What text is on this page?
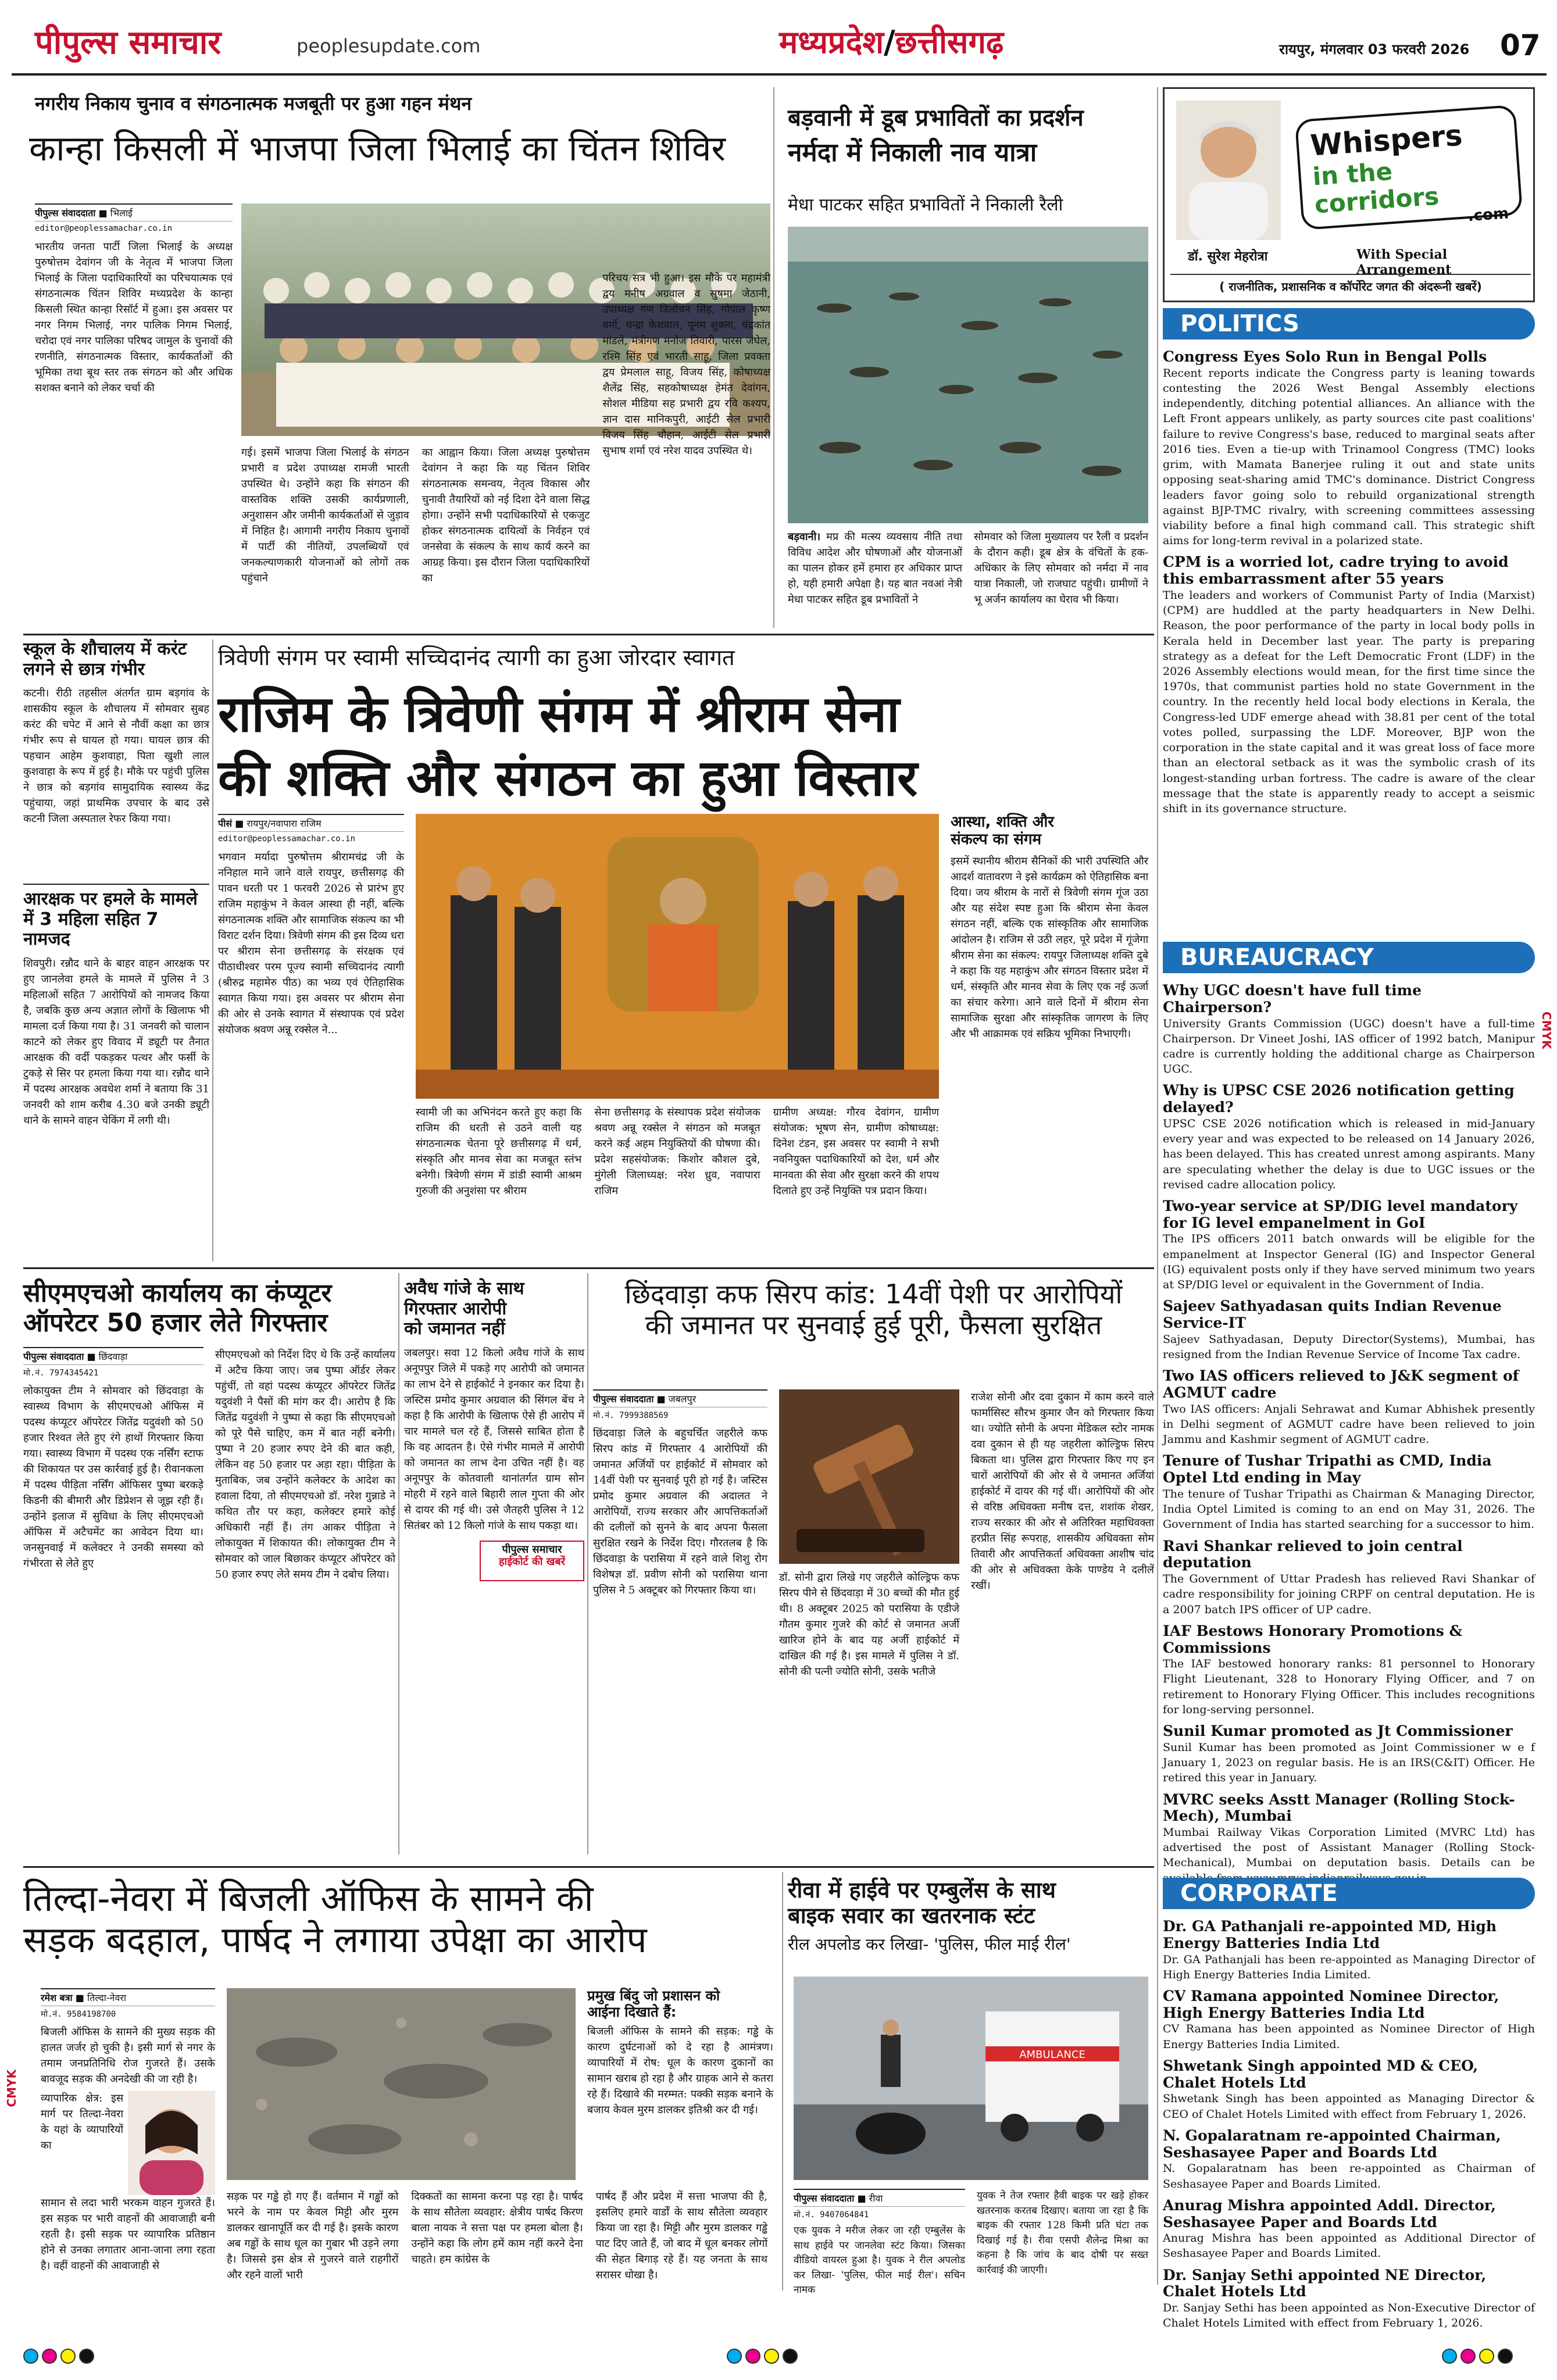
पीपुल्स समाचार	peoplesupdate.com	मध्यप्रदेश/छत्तीसगढ़	रायपुर, मंगलवार 03 फरवरी 2026 07
नगरीय निकाय चुनाव व संगठनात्मक मजबूती पर हुआ गहन मंथन
कान्हा किसली में भाजपा जिला भिलाई का चिंतन शिविर
पीपुल्स संवाददाता ■ भिलाई
editor@peoplessamachar.co.in
भारतीय जनता पार्टी जिला भिलाई के अध्यक्ष पुरुषोत्तम देवांगन जी के नेतृत्व में भाजपा जिला भिलाई के जिला पदाधिकारियों का परिचयात्मक एवं संगठनात्मक चिंतन शिविर मध्यप्रदेश के कान्हा किसली स्थित कान्हा रिसॉर्ट में हुआ। इस अवसर पर नगर निगम भिलाई, नगर पालिक निगम भिलाई, चरोदा एवं नगर पालिका परिषद जामुल के चुनावों की रणनीति, संगठनात्मक विस्तार, कार्यकर्ताओं की भूमिका तथा बूथ स्तर तक संगठन को और अधिक सशक्त बनाने को लेकर चर्चा की
गई। इसमें भाजपा जिला भिलाई के संगठन प्रभारी व प्रदेश उपाध्यक्ष रामजी भारती उपस्थित थे। उन्होंने कहा कि संगठन की वास्तविक शक्ति उसकी कार्यप्रणाली, अनुशासन और जमीनी कार्यकर्ताओं से जुड़ाव में निहित है। आगामी नगरीय निकाय चुनावों में पार्टी की नीतियों, उपलब्धियों एवं जनकल्याणकारी योजनाओं को लोगों तक पहुंचाने
का आह्वान किया। जिला अध्यक्ष पुरुषोत्तम देवांगन ने कहा कि यह चिंतन शिविर संगठनात्मक समन्वय, नेतृत्व विकास और चुनावी तैयारियों को नई दिशा देने वाला सिद्ध होगा। उन्होंने सभी पदाधिकारियों से एकजुट होकर संगठनात्मक दायित्वों के निर्वहन एवं जनसेवा के संकल्प के साथ कार्य करने का आग्रह किया। इस दौरान जिला पदाधिकारियों का
परिचय सत्र भी हुआ। इस मौके पर महामंत्री द्वय मनीष अग्रवाल व सुषमा जेठानी, उपाध्यक्ष गण त्रिलोचन सिंह, गोपाल कृष्ण वर्मा, चन्द्रा केशवाल, पूनम शुक्ला, चंद्रकांत मांडले, मंत्रीगण मनोज तिवारी, पारस जंघेल, रश्मि सिंह एवं भारती साहू, जिला प्रवक्ता द्वय प्रेमलाल साहू, विजय सिंह, कोषाध्यक्ष शैलेंद्र सिंह, सहकोषाध्यक्ष हेमंत देवांगन, सोशल मीडिया सह प्रभारी द्वय रवि कश्यप, ज्ञान दास मानिकपुरी, आईटी सेल प्रभारी विजय सिंह चौहान, आईटी सेल प्रभारी सुभाष शर्मा एवं नरेश यादव उपस्थित थे।
बड़वानी में डूब प्रभावितों का प्रदर्शन
नर्मदा में निकाली नाव यात्रा
मेधा पाटकर सहित प्रभावितों ने निकाली रैली
बड़वानी। मप्र की मत्स्य व्यवसाय नीति तथा विविध आदेश और घोषणाओं और योजनाओं का पालन होकर हमें हमारा हर अधिकार प्राप्त हो, यही हमारी अपेक्षा है। यह बात नवआं नेत्री मेधा पाटकर सहित डूब प्रभावितों ने
सोमवार को जिला मुख्यालय पर रैली व प्रदर्शन के दौरान कही। डूब क्षेत्र के वंचितों के हक-अधिकार के लिए सोमवार को नर्मदा में नाव यात्रा निकाली, जो राजघाट पहुंची। ग्रामीणों ने भू अर्जन कार्यालय का घेराव भी किया।
Whispers
in the corridors	.com
डॉ. सुरेश मेहरोत्रा	With Special Arrangement
( राजनीतिक, प्रशासनिक व कॉर्पोरेट जगत की अंदरूनी खबरें)
POLITICS
Congress Eyes Solo Run in Bengal Polls
Recent reports indicate the Congress party is leaning towards contesting the 2026 West Bengal Assembly elections independently, ditching potential alliances. An alliance with the Left Front appears unlikely, as party sources cite past coalitions' failure to revive Congress's base, reduced to marginal seats after 2016 ties. Even a tie-up with Trinamool Congress (TMC) looks grim, with Mamata Banerjee ruling it out and state units opposing seat-sharing amid TMC's dominance. District Congress leaders favor going solo to rebuild organizational strength against BJP-TMC rivalry, with screening committees assessing viability before a final high command call. This strategic shift aims for long-term revival in a polarized state.
CPM is a worried lot, cadre trying to avoid this embarrassment after 55 years
The leaders and workers of Communist Party of India (Marxist) (CPM) are huddled at the party headquarters in New Delhi. Reason, the poor performance of the party in local body polls in Kerala held in December last year. The party is preparing strategy as a defeat for the Left Democratic Front (LDF) in the 2026 Assembly elections would mean, for the first time since the 1970s, that communist parties hold no state Government in the country. In the recently held local body elections in Kerala, the Congress-led UDF emerge ahead with 38.81 per cent of the total votes polled, surpassing the LDF. Moreover, BJP won the corporation in the state capital and it was great loss of face more than an electoral setback as it was the symbolic crash of its longest-standing urban fortress. The cadre is aware of the clear message that the state is apparently ready to accept a seismic shift in its governance structure.
BUREAUCRACY
Why UGC doesn't have full time Chairperson?
University Grants Commission (UGC) doesn't have a full-time Chairperson. Dr Vineet Joshi, IAS officer of 1992 batch, Manipur cadre is currently holding the additional charge as Chairperson UGC.
Why is UPSC CSE 2026 notification getting delayed?
UPSC CSE 2026 notification which is released in mid-January every year and was expected to be released on 14 January 2026, has been delayed. This has created unrest among aspirants. Many are speculating whether the delay is due to UGC issues or the revised cadre allocation policy.
Two-year service at SP/DIG level mandatory for IG level empanelment in GoI
The IPS officers 2011 batch onwards will be eligible for the empanelment at Inspector General (IG) and Inspector General (IG) equivalent posts only if they have served minimum two years at SP/DIG level or equivalent in the Government of India.
Sajeev Sathyadasan quits Indian Revenue Service-IT
Sajeev Sathyadasan, Deputy Director(Systems), Mumbai, has resigned from the Indian Revenue Service of Income Tax cadre.
Two IAS officers relieved to J&K segment of AGMUT cadre
Two IAS officers: Anjali Sehrawat and Kumar Abhishek presently in Delhi segment of AGMUT cadre have been relieved to join Jammu and Kashmir segment of AGMUT cadre.
Tenure of Tushar Tripathi as CMD, India Optel Ltd ending in May
The tenure of Tushar Tripathi as Chairman & Managing Director, India Optel Limited is coming to an end on May 31, 2026. The Government of India has started searching for a successor to him.
Ravi Shankar relieved to join central deputation
The Government of Uttar Pradesh has relieved Ravi Shankar of cadre responsibility for joining CRPF on central deputation. He is a 2007 batch IPS officer of UP cadre.
IAF Bestows Honorary Promotions & Commissions
The IAF bestowed honorary ranks: 81 personnel to Honorary Flight Lieutenant, 328 to Honorary Flying Officer, and 7 on retirement to Honorary Flying Officer. This includes recognitions for long-serving personnel.
Sunil Kumar promoted as Jt Commissioner
Sunil Kumar has been promoted as Joint Commissioner w e f January 1, 2023 on regular basis. He is an IRS(C&IT) Officer. He retired this year in January.
MVRC seeks Asstt Manager (Rolling Stock-Mech), Mumbai
Mumbai Railway Vikas Corporation Limited (MVRC Ltd) has advertised the post of Assistant Manager (Rolling Stock-Mechanical), Mumbai on deputation basis. Details can be
CORPORATE
Dr. GA Pathanjali re-appointed MD, High Energy Batteries India Ltd
Dr. GA Pathanjali has been re-appointed as Managing Director of High Energy Batteries India Limited.
CV Ramana appointed Nominee Director, High Energy Batteries India Ltd
CV Ramana has been appointed as Nominee Director of High Energy Batteries India Limited.
Shwetank Singh appointed MD & CEO, Chalet Hotels Ltd
Shwetank Singh has been appointed as Managing Director & CEO of Chalet Hotels Limited with effect from February 1, 2026.
N. Gopalaratnam re-appointed Chairman, Seshasayee Paper and Boards Ltd
N. Gopalaratnam has been re-appointed as Chairman of Seshasayee Paper and Boards Limited.
Anurag Mishra appointed Addl. Director, Seshasayee Paper and Boards Ltd
Anurag Mishra has been appointed as Additional Director of Seshasayee Paper and Boards Limited.
Dr. Sanjay Sethi appointed NE Director, Chalet Hotels Ltd
Dr. Sanjay Sethi has been appointed as Non-Executive Director of Chalet Hotels Limited with effect from February 1, 2026.
स्कूल के शौचालय में करंट
लगने से छात्र गंभीर
कटनी। रीठी तहसील अंतर्गत ग्राम बड़गांव के शासकीय स्कूल के शौचालय में सोमवार सुबह करंट की चपेट में आने से नौवीं कक्षा का छात्र गंभीर रूप से घायल हो गया। घायल छात्र की पहचान आहेम कुशवाहा, पिता खुशी लाल कुशवाहा के रूप में हुई है। मौके पर पहुंची पुलिस ने छात्र को बड़गांव सामुदायिक स्वास्थ्य केंद्र पहुंचाया, जहां प्राथमिक उपचार के बाद उसे कटनी जिला अस्पताल रेफर किया गया।
आरक्षक पर हमले के मामले
में 3 महिला सहित 7 नामजद
शिवपुरी। रन्नौद थाने के बाहर वाहन आरक्षक पर हुए जानलेवा हमले के मामले में पुलिस ने 3 महिलाओं सहित 7 आरोपियों को नामजद किया है, जबकि कुछ अन्य अज्ञात लोगों के खिलाफ भी मामला दर्ज किया गया है। 31 जनवरी को चालान काटने को लेकर हुए विवाद में ड्यूटी पर तैनात आरक्षक की वर्दी पकड़कर पत्थर और फर्सी के टुकड़े से सिर पर हमला किया गया था। रन्नौद थाने में पदस्थ आरक्षक अवधेश शर्मा ने बताया कि 31 जनवरी को शाम करीब 4.30 बजे उनकी ड्यूटी थाने के सामने वाहन चेकिंग में लगी थी।
त्रिवेणी संगम पर स्वामी सच्चिदानंद त्यागी का हुआ जोरदार स्वागत
राजिम के त्रिवेणी संगम में श्रीराम सेना
की शक्ति और संगठन का हुआ विस्तार
पीसं ■ रायपुर/नवापारा राजिम
editor@peoplessamachar.co.in
भगवान मर्यादा पुरुषोत्तम श्रीरामचंद्र जी के ननिहाल माने जाने वाले रायपुर, छत्तीसगढ़ की पावन धरती पर 1 फरवरी 2026 से प्रारंभ हुए राजिम महाकुंभ ने केवल आस्था ही नहीं, बल्कि संगठनात्मक शक्ति और सामाजिक संकल्प का भी विराट दर्शन दिया। त्रिवेणी संगम की इस दिव्य धरा पर श्रीराम सेना छत्तीसगढ़ के संरक्षक एवं पीठाधीश्वर परम पूज्य स्वामी सच्चिदानंद त्यागी (श्रीरुद्र महामेरु पीठ) का भव्य एवं ऐतिहासिक स्वागत किया गया। इस अवसर पर श्रीराम सेना की ओर से उनके स्वागत में संस्थापक एवं प्रदेश संयोजक श्रवण अन्नू रक्सेल ने...
स्वामी जी का अभिनंदन करते हुए कहा कि राजिम की धरती से उठने वाली यह संगठनात्मक चेतना पूरे छत्तीसगढ़ में धर्म, संस्कृति और मानव सेवा का मजबूत स्तंभ बनेगी। त्रिवेणी संगम में डांडी स्वामी आश्रम गुरुजी की अनुशंसा पर श्रीराम
सेना छत्तीसगढ़ के संस्थापक प्रदेश संयोजक श्रवण अन्नू रक्सेल ने संगठन को मजबूत करने कई अहम नियुक्तियों की घोषणा की। प्रदेश सहसंयोजक: किशोर कौशल दुबे, मुंगेली जिलाध्यक्ष: नरेश ध्रुव, नवापारा राजिम
ग्रामीण अध्यक्ष: गौरव देवांगन, ग्रामीण संयोजक: भूषण सेन, ग्रामीण कोषाध्यक्ष: दिनेश टंडन, इस अवसर पर स्वामी ने सभी नवनियुक्त पदाधिकारियों को देश, धर्म और मानवता की सेवा और सुरक्षा करने की शपथ दिलाते हुए उन्हें नियुक्ति पत्र प्रदान किया।
आस्था, शक्ति और
संकल्प का संगम
इसमें स्थानीय श्रीराम सैनिकों की भारी उपस्थिति और आदर्श वातावरण ने इसे कार्यक्रम को ऐतिहासिक बना दिया। जय श्रीराम के नारों से त्रिवेणी संगम गूंज उठा और यह संदेश स्पष्ट हुआ कि श्रीराम सेना केवल संगठन नहीं, बल्कि एक सांस्कृतिक और सामाजिक आंदोलन है। राजिम से उठी लहर, पूरे प्रदेश में गूंजेगा श्रीराम सेना का संकल्प: रायपुर जिलाध्यक्ष शक्ति दुबे ने कहा कि यह महाकुंभ और संगठन विस्तार प्रदेश में धर्म, संस्कृति और मानव सेवा के लिए एक नई ऊर्जा का संचार करेगा। आने वाले दिनों में श्रीराम सेना सामाजिक सुरक्षा और सांस्कृतिक जागरण के लिए और भी आक्रामक एवं सक्रिय भूमिका निभाएगी।
सीएमएचओ कार्यालय का कंप्यूटर
ऑपरेटर 50 हजार लेते गिरफ्तार
पीपुल्स संवाददाता ■ छिंदवाड़ा
मो.नं. 7974345421
लोकायुक्त टीम ने सोमवार को छिंदवाड़ा के स्वास्थ्य विभाग के सीएमएचओ ऑफिस में पदस्थ कंप्यूटर ऑपरेटर जितेंद्र यदुवंशी को 50 हजार रिश्वत लेते हुए रंगे हाथों गिरफ्तार किया गया। स्वास्थ्य विभाग में पदस्थ एक नर्सिंग स्टाफ की शिकायत पर उस कार्रवाई हुई है। रीवानकला में पदस्थ पीड़िता नर्सिंग ऑफिसर पुष्पा बरकड़े किडनी की बीमारी और डिप्रेशन से जूझ रही हैं। उन्होंने इलाज में सुविधा के लिए सीएमएचओ ऑफिस में अटैचमेंट का आवेदन दिया था। जनसुनवाई में कलेक्टर ने उनकी समस्या को गंभीरता से लेते हुए
सीएमएचओ को निर्देश दिए थे कि उन्हें कार्यालय में अटैच किया जाए। जब पुष्पा ऑर्डर लेकर पहुंचीं, तो वहां पदस्थ कंप्यूटर ऑपरेटर जितेंद्र यदुवंशी ने पैसों की मांग कर दी। आरोप है कि जितेंद्र यदुवंशी ने पुष्पा से कहा कि सीएमएचओ को पूरे पैसे चाहिए, कम में बात नहीं बनेगी। पुष्पा ने 20 हजार रुपए देने की बात कही, लेकिन वह 50 हजार पर अड़ा रहा। पीड़िता के मुताबिक, जब उन्होंने कलेक्टर के आदेश का हवाला दिया, तो सीएमएचओ डॉ. नरेश गुन्नाडे ने कथित तौर पर कहा, कलेक्टर हमारे कोई अधिकारी नहीं हैं। तंग आकर पीड़िता ने लोकायुक्त में शिकायत की। लोकायुक्त टीम ने सोमवार को जाल बिछाकर कंप्यूटर ऑपरेटर को 50 हजार रुपए लेते समय टीम ने दबोच लिया।
अवैध गांजे के साथ
गिरफ्तार आरोपी
को जमानत नहीं
जबलपुर। सवा 12 किलो अवैध गांजे के साथ अनूपपुर जिले में पकड़े गए आरोपी को जमानत का लाभ देने से हाईकोर्ट ने इनकार कर दिया है। जस्टिस प्रमोद कुमार अग्रवाल की सिंगल बेंच ने कहा है कि आरोपी के खिलाफ ऐसे ही आरोप में चार मामले चल रहे हैं, जिससे साबित होता है कि वह आदतन है। ऐसे गंभीर मामले में आरोपी को जमानत का लाभ देना उचित नहीं है। वह अनूपपुर के कोतवाली थानांतर्गत ग्राम सोन मोहरी में रहने वाले बिहारी लाल गुप्ता की ओर से दायर की गई थी। उसे जैतहरी पुलिस ने 12 सितंबर को 12 किलो गांजे के साथ पकड़ा था।
पीपुल्स समाचार
हाईकोर्ट की खबरें
छिंदवाड़ा कफ सिरप कांड: 14वीं पेशी पर आरोपियों
की जमानत पर सुनवाई हुई पूरी, फैसला सुरक्षित
पीपुल्स संवाददाता ■ जबलपुर
मो.नं. 7999388569
छिंदवाड़ा जिले के बहुचर्चित जहरीले कफ सिरप कांड में गिरफ्तार 4 आरोपियों की जमानत अर्जियों पर हाईकोर्ट में सोमवार को 14वीं पेशी पर सुनवाई पूरी हो गई है। जस्टिस प्रमोद कुमार अग्रवाल की अदालत ने आरोपियों, राज्य सरकार और आपत्तिकर्ताओं की दलीलों को सुनने के बाद अपना फैसला सुरक्षित रखने के निर्देश दिए। गौरतलब है कि छिंदवाड़ा के परासिया में रहने वाले शिशु रोग विशेषज्ञ डॉ. प्रवीण सोनी को परासिया थाना पुलिस ने 5 अक्टूबर को गिरफ्तार किया था।
डॉ. सोनी द्वारा लिखे गए जहरीले कोल्ड्रिफ कफ सिरप पीने से छिंदवाड़ा में 30 बच्चों की मौत हुई थी। 8 अक्टूबर 2025 को परासिया के एडीजे गौतम कुमार गुजरे की कोर्ट से जमानत अर्जी खारिज होने के बाद यह अर्जी हाईकोर्ट में दाखिल की गई है। इस मामले में पुलिस ने डॉ. सोनी की पत्नी ज्योति सोनी, उसके भतीजे
राजेश सोनी और दवा दुकान में काम करने वाले फार्मासिस्ट सौरभ कुमार जैन को गिरफ्तार किया था। ज्योति सोनी के अपना मेडिकल स्टोर नामक दवा दुकान से ही यह जहरीला कोल्ड्रिफ सिरप बिकता था। पुलिस द्वारा गिरफ्तार किए गए इन चारों आरोपियों की ओर से ये जमानत अर्जियां हाईकोर्ट में दायर की गई थीं। आरोपियों की ओर से वरिष्ठ अधिवक्ता मनीष दत्त, शशांक शेखर, राज्य सरकार की ओर से अतिरिक्त महाधिवक्ता हरप्रीत सिंह रूपराह, शासकीय अधिवक्ता सोम तिवारी और आपत्तिकर्ता अधिवक्ता आशीष चांद की ओर से अधिवक्ता केके पाण्डेय ने दलीलें रखीं।
तिल्दा-नेवरा में बिजली ऑफिस के सामने की
सड़क बदहाल, पार्षद ने लगाया उपेक्षा का आरोप
रमेश बत्रा ■ तिल्दा-नेवरा
मो.नं. 9584198700
बिजली ऑफिस के सामने की मुख्य सड़क की हालत जर्जर हो चुकी है। इसी मार्ग से नगर के तमाम जनप्रतिनिधि रोज गुजरते हैं। उसके बावजूद सड़क की अनदेखी की जा रही है।
व्यापारिक क्षेत्र: इस मार्ग पर तिल्दा-नेवरा के यहां के व्यापारियों का
सामान से लदा भारी भरकम वाहन गुजरते हैं। इस सड़क पर भारी वाहनों की आवाजाही बनी रहती है। इसी सड़क पर व्यापारिक प्रतिष्ठान होने से उनका लगातार आना-जाना लगा रहता है। वहीं वाहनों की आवाजाही से
सड़क पर गड्ढे हो गए हैं। वर्तमान में गड्ढों को भरने के नाम पर केवल मिट्टी और मुरम डालकर खानापूर्ति कर दी गई है। इसके कारण अब गड्ढों के साथ धूल का गुबार भी उड़ने लगा है। जिससे इस क्षेत्र से गुजरने वाले राहगीरों और रहने वालों भारी
दिक्कतों का सामना करना पड़ रहा है। पार्षद के साथ सौतेला व्यवहार: क्षेत्रीय पार्षद किरण बाला नायक ने सत्ता पक्ष पर हमला बोला है। उन्होंने कहा कि लोग हमें काम नहीं करने देना चाहते। हम कांग्रेस के
पार्षद हैं और प्रदेश में सत्ता भाजपा की है, इसलिए हमारे वार्डों के साथ सौतेला व्यवहार किया जा रहा है। मिट्टी और मुरम डालकर गड्ढे पाट दिए जाते हैं, जो बाद में धूल बनकर लोगों की सेहत बिगाड़ रहे हैं। यह जनता के साथ सरासर धोखा है।
प्रमुख बिंदु जो प्रशासन को
आईना दिखाते हैं:
बिजली ऑफिस के सामने की सड़क: गड्ढे के कारण दुर्घटनाओं को दे रहा है आमंत्रण। व्यापारियों में रोष: धूल के कारण दुकानों का सामान खराब हो रहा है और ग्राहक आने से कतरा रहे हैं। दिखावे की मरम्मत: पक्की सड़क बनाने के बजाय केवल मुरम डालकर इतिश्री कर दी गई।
रीवा में हाईवे पर एम्बुलेंस के साथ
बाइक सवार का खतरनाक स्टंट
रील अपलोड कर लिखा- 'पुलिस, फील माई रील'
AMBULANCE
पीपुल्स संवाददाता ■ रीवा
मो.नं. 9407064841
एक युवक ने मरीज लेकर जा रही एम्बुलेंस के साथ हाईवे पर जानलेवा स्टंट किया। जिसका वीडियो वायरल हुआ है। युवक ने रील अपलोड कर लिखा- 'पुलिस, फील माई रील'। सचिन नामक
युवक ने तेज रफ्तार हैवी बाइक पर खड़े होकर खतरनाक करतब दिखाए। बताया जा रहा है कि बाइक की रफ्तार 128 किमी प्रति घंटा तक दिखाई गई है। रीवा एसपी शैलेन्द्र मिश्रा का कहना है कि जांच के बाद दोषी पर सख्त कार्रवाई की जाएगी।
CMYK
CMYK
